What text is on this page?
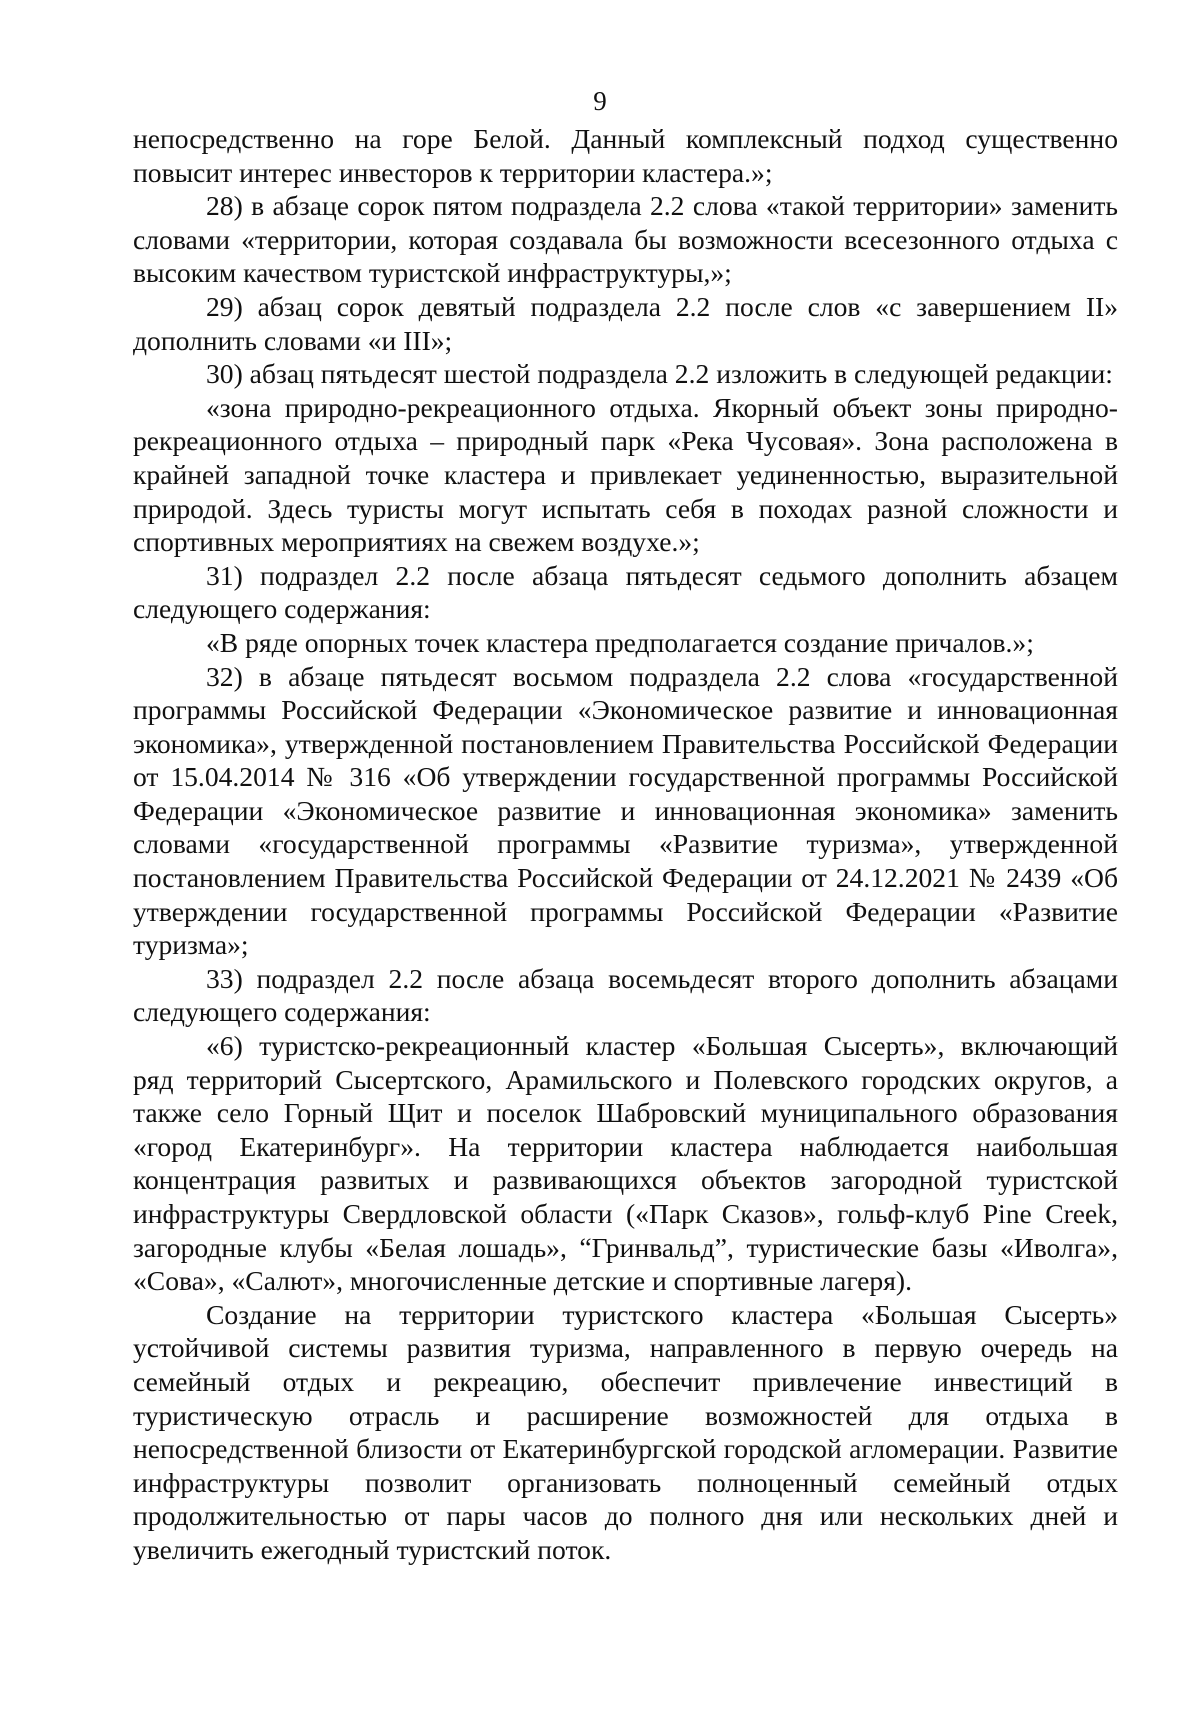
9

непосредственно на горе Белой. Данный комплексный подход существенно повысит интерес инвесторов к территории кластера.»;

28) в абзаце сорок пятом подраздела 2.2 слова «такой территории» заменить словами «территории, которая создавала бы возможности всесезонного отдыха с высоким качеством туристской инфраструктуры,»;

29) абзац сорок девятый подраздела 2.2 после слов «с завершением II» дополнить словами «и III»;

30) абзац пятьдесят шестой подраздела 2.2 изложить в следующей редакции:

«зона природно-рекреационного отдыха. Якорный объект зоны природно-рекреационного отдыха – природный парк «Река Чусовая». Зона расположена в крайней западной точке кластера и привлекает уединенностью, выразительной природой. Здесь туристы могут испытать себя в походах разной сложности и спортивных мероприятиях на свежем воздухе.»;

31) подраздел 2.2 после абзаца пятьдесят седьмого дополнить абзацем следующего содержания:

«В ряде опорных точек кластера предполагается создание причалов.»;

32) в абзаце пятьдесят восьмом подраздела 2.2 слова «государственной программы Российской Федерации «Экономическое развитие и инновационная экономика», утвержденной постановлением Правительства Российской Федерации от 15.04.2014 № 316 «Об утверждении государственной программы Российской Федерации «Экономическое развитие и инновационная экономика» заменить словами «государственной программы «Развитие туризма», утвержденной постановлением Правительства Российской Федерации от 24.12.2021 № 2439 «Об утверждении государственной программы Российской Федерации «Развитие туризма»;

33) подраздел 2.2 после абзаца восемьдесят второго дополнить абзацами следующего содержания:

«6) туристско-рекреационный кластер «Большая Сысерть», включающий ряд территорий Сысертского, Арамильского и Полевского городских округов, а также село Горный Щит и поселок Шабровский муниципального образования «город Екатеринбург». На территории кластера наблюдается наибольшая концентрация развитых и развивающихся объектов загородной туристской инфраструктуры Свердловской области («Парк Сказов», гольф-клуб Pine Creek, загородные клубы «Белая лошадь», “Гринвальд”, туристические базы «Иволга», «Сова», «Салют», многочисленные детские и спортивные лагеря).

Создание на территории туристского кластера «Большая Сысерть» устойчивой системы развития туризма, направленного в первую очередь на семейный отдых и рекреацию, обеспечит привлечение инвестиций в туристическую отрасль и расширение возможностей для отдыха в непосредственной близости от Екатеринбургской городской агломерации. Развитие инфраструктуры позволит организовать полноценный семейный отдых продолжительностью от пары часов до полного дня или нескольких дней и увеличить ежегодный туристский поток.
